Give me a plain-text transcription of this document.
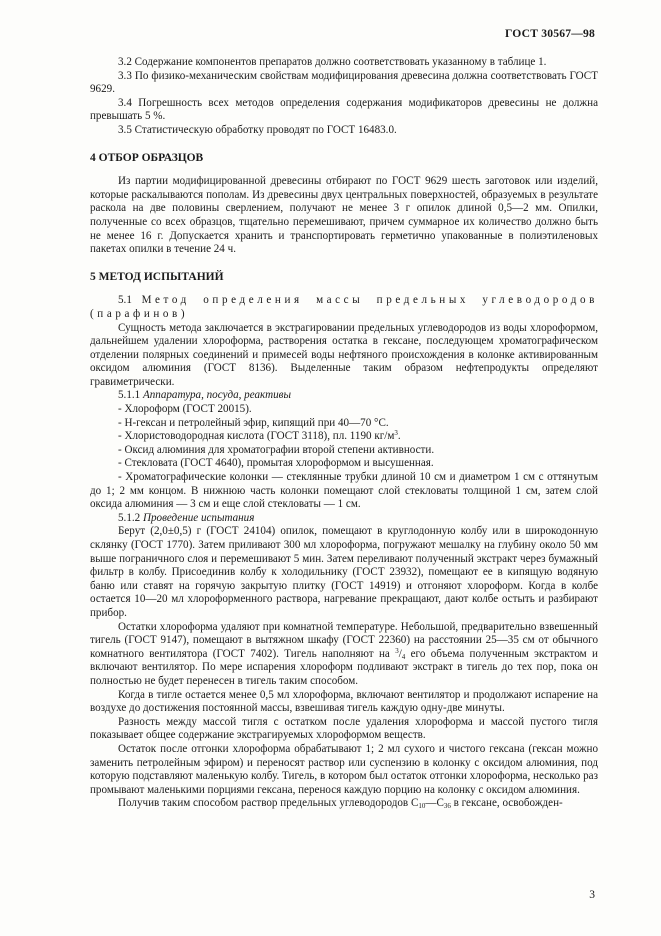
ГОСТ 30567—98

3.2 Содержание компонентов препаратов должно соответствовать указанному в таблице 1.

3.3 По физико-механическим свойствам модифицирования древесина должна соответствовать ГОСТ 9629.

3.4 Погрешность всех методов определения содержания модификаторов древесины не должна превышать 5 %.

3.5 Статистическую обработку проводят по ГОСТ 16483.0.

4 ОТБОР ОБРАЗЦОВ

Из партии модифицированной древесины отбирают по ГОСТ 9629 шесть заготовок или изделий, которые раскалываются пополам. Из древесины двух центральных поверхностей, образуемых в результате раскола на две половины сверлением, получают не менее 3 г опилок длиной 0,5—2 мм. Опилки, полученные со всех образцов, тщательно перемешивают, причем суммарное их количество должно быть не менее 16 г. Допускается хранить и транспортировать герметично упакованные в полиэтиленовых пакетах опилки в течение 24 ч.

5 МЕТОД ИСПЫТАНИЙ

5.1 Метод определения массы предельных углеводородов (парафинов)

Сущность метода заключается в экстрагировании предельных углеводородов из воды хлороформом, дальнейшем удалении хлороформа, растворения остатка в гексане, последующем хроматографическом отделении полярных соединений и примесей воды нефтяного происхождения в колонке активированным оксидом алюминия (ГОСТ 8136). Выделенные таким образом нефтепродукты определяют гравиметрически.

5.1.1 Аппаратура, посуда, реактивы

- Хлороформ (ГОСТ 20015).

- Н-гексан и петролейный эфир, кипящий при 40—70 °С.

- Хлористоводородная кислота (ГОСТ 3118), пл. 1190 $кг/м^3$.

- Оксид алюминия для хроматографии второй степени активности.

- Стекловата (ГОСТ 4640), промытая хлороформом и высушенная.

- Хроматографические колонки — стеклянные трубки длиной 10 см и диаметром 1 см с оттянутым до 1; 2 мм концом. В нижнюю часть колонки помещают слой стекловаты толщиной 1 см, затем слой оксида алюминия — 3 см и еще слой стекловаты — 1 см.

5.1.2 Проведение испытания

Берут (2,0±0,5) г (ГОСТ 24104) опилок, помещают в круглодонную колбу или в широкодонную склянку (ГОСТ 1770). Затем приливают 300 мл хлороформа, погружают мешалку на глубину около 50 мм выше пограничного слоя и перемешивают 5 мин. Затем переливают полученный экстракт через бумажный фильтр в колбу. Присоединив колбу к холодильнику (ГОСТ 23932), помещают ее в кипящую водяную баню или ставят на горячую закрытую плитку (ГОСТ 14919) и отгоняют хлороформ. Когда в колбе остается 10—20 мл хлороформенного раствора, нагревание прекращают, дают колбе остыть и разбирают прибор.

Остатки хлороформа удаляют при комнатной температуре. Небольшой, предварительно взвешенный тигель (ГОСТ 9147), помещают в вытяжном шкафу (ГОСТ 22360) на расстоянии 25—35 см от обычного комнатного вентилятора (ГОСТ 7402). Тигель наполняют на $^3/_4$ его объема полученным экстрактом и включают вентилятор. По мере испарения хлороформ подливают экстракт в тигель до тех пор, пока он полностью не будет перенесен в тигель таким способом.

Когда в тигле остается менее 0,5 мл хлороформа, включают вентилятор и продолжают испарение на воздухе до достижения постоянной массы, взвешивая тигель каждую одну-две минуты.

Разность между массой тигля с остатком после удаления хлороформа и массой пустого тигля показывает общее содержание экстрагируемых хлороформом веществ.

Остаток после отгонки хлороформа обрабатывают 1; 2 мл сухого и чистого гексана (гексан можно заменить петролейным эфиром) и переносят раствор или суспензию в колонку с оксидом алюминия, под которую подставляют маленькую колбу. Тигель, в котором был остаток отгонки хлороформа, несколько раз промывают маленькими порциями гексана, перенося каждую порцию на колонку с оксидом алюминия.

Получив таким способом раствор предельных углеводородов $С_{10}—С_{36}$ в гексане, освобожден-

3
